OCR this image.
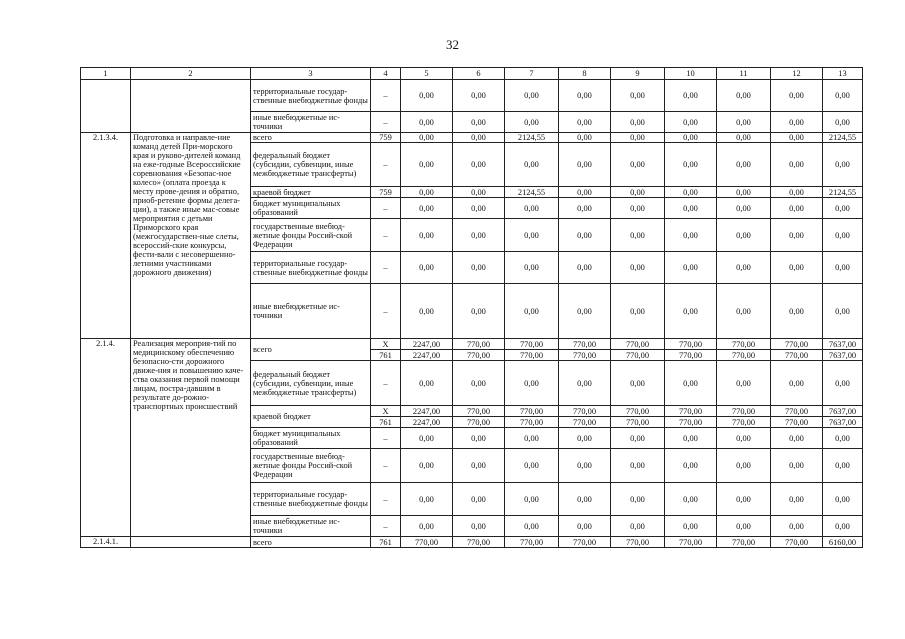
32
1	2	3	4	5	6	7	8	9	10	11	12	13
		территориальные государ-ственные внебюджетные фонды	–	0,00	0,00	0,00	0,00	0,00	0,00	0,00	0,00	0,00
		иные внебюджетные ис-точники	–	0,00	0,00	0,00	0,00	0,00	0,00	0,00	0,00	0,00
2.1.3.4.	Подготовка и направле-ние команд детей При-морского края и руково-дителей команд на еже-годные Всероссийские соревнования «Безопас-ное колесо» (оплата проезда к месту прове-дения и обратно, приоб-ретение формы делега-ции), а также иные мас-совые мероприятия с детьми Приморского края (межгосударствен-ные слеты, всероссий-ские конкурсы, фести-вали с несовершенно-летними участниками дорожного движения)	всего	759	0,00	0,00	2124,55	0,00	0,00	0,00	0,00	0,00	2124,55
		федеральный бюджет (субсидии, субвенции, иные межбюджетные трансферты)	–	0,00	0,00	0,00	0,00	0,00	0,00	0,00	0,00	0,00
		краевой бюджет	759	0,00	0,00	2124,55	0,00	0,00	0,00	0,00	0,00	2124,55
		бюджет муниципальных образований	–	0,00	0,00	0,00	0,00	0,00	0,00	0,00	0,00	0,00
		государственные внебюд-жетные фонды Россий-ской Федерации	–	0,00	0,00	0,00	0,00	0,00	0,00	0,00	0,00	0,00
		территориальные государ-ственные внебюджетные фонды	–	0,00	0,00	0,00	0,00	0,00	0,00	0,00	0,00	0,00
		иные внебюджетные ис-точники	–	0,00	0,00	0,00	0,00	0,00	0,00	0,00	0,00	0,00
2.1.4.	Реализация мероприя-тий по медицинскому обеспечению безопасно-сти дорожного движе-ния и повышению каче-ства оказания первой помощи лицам, постра-давшим в результате до-рожно-транспортных происшествий	всего	Х	2247,00	770,00	770,00	770,00	770,00	770,00	770,00	770,00	7637,00
			761	2247,00	770,00	770,00	770,00	770,00	770,00	770,00	770,00	7637,00
		федеральный бюджет (субсидии, субвенции, иные межбюджетные трансферты)	–	0,00	0,00	0,00	0,00	0,00	0,00	0,00	0,00	0,00
		краевой бюджет	Х	2247,00	770,00	770,00	770,00	770,00	770,00	770,00	770,00	7637,00
			761	2247,00	770,00	770,00	770,00	770,00	770,00	770,00	770,00	7637,00
		бюджет муниципальных образований	–	0,00	0,00	0,00	0,00	0,00	0,00	0,00	0,00	0,00
		государственные внебюд-жетные фонды Россий-ской Федерации	–	0,00	0,00	0,00	0,00	0,00	0,00	0,00	0,00	0,00
		территориальные государ-ственные внебюджетные фонды	–	0,00	0,00	0,00	0,00	0,00	0,00	0,00	0,00	0,00
		иные внебюджетные ис-точники	–	0,00	0,00	0,00	0,00	0,00	0,00	0,00	0,00	0,00
2.1.4.1.		всего	761	770,00	770,00	770,00	770,00	770,00	770,00	770,00	770,00	6160,00
